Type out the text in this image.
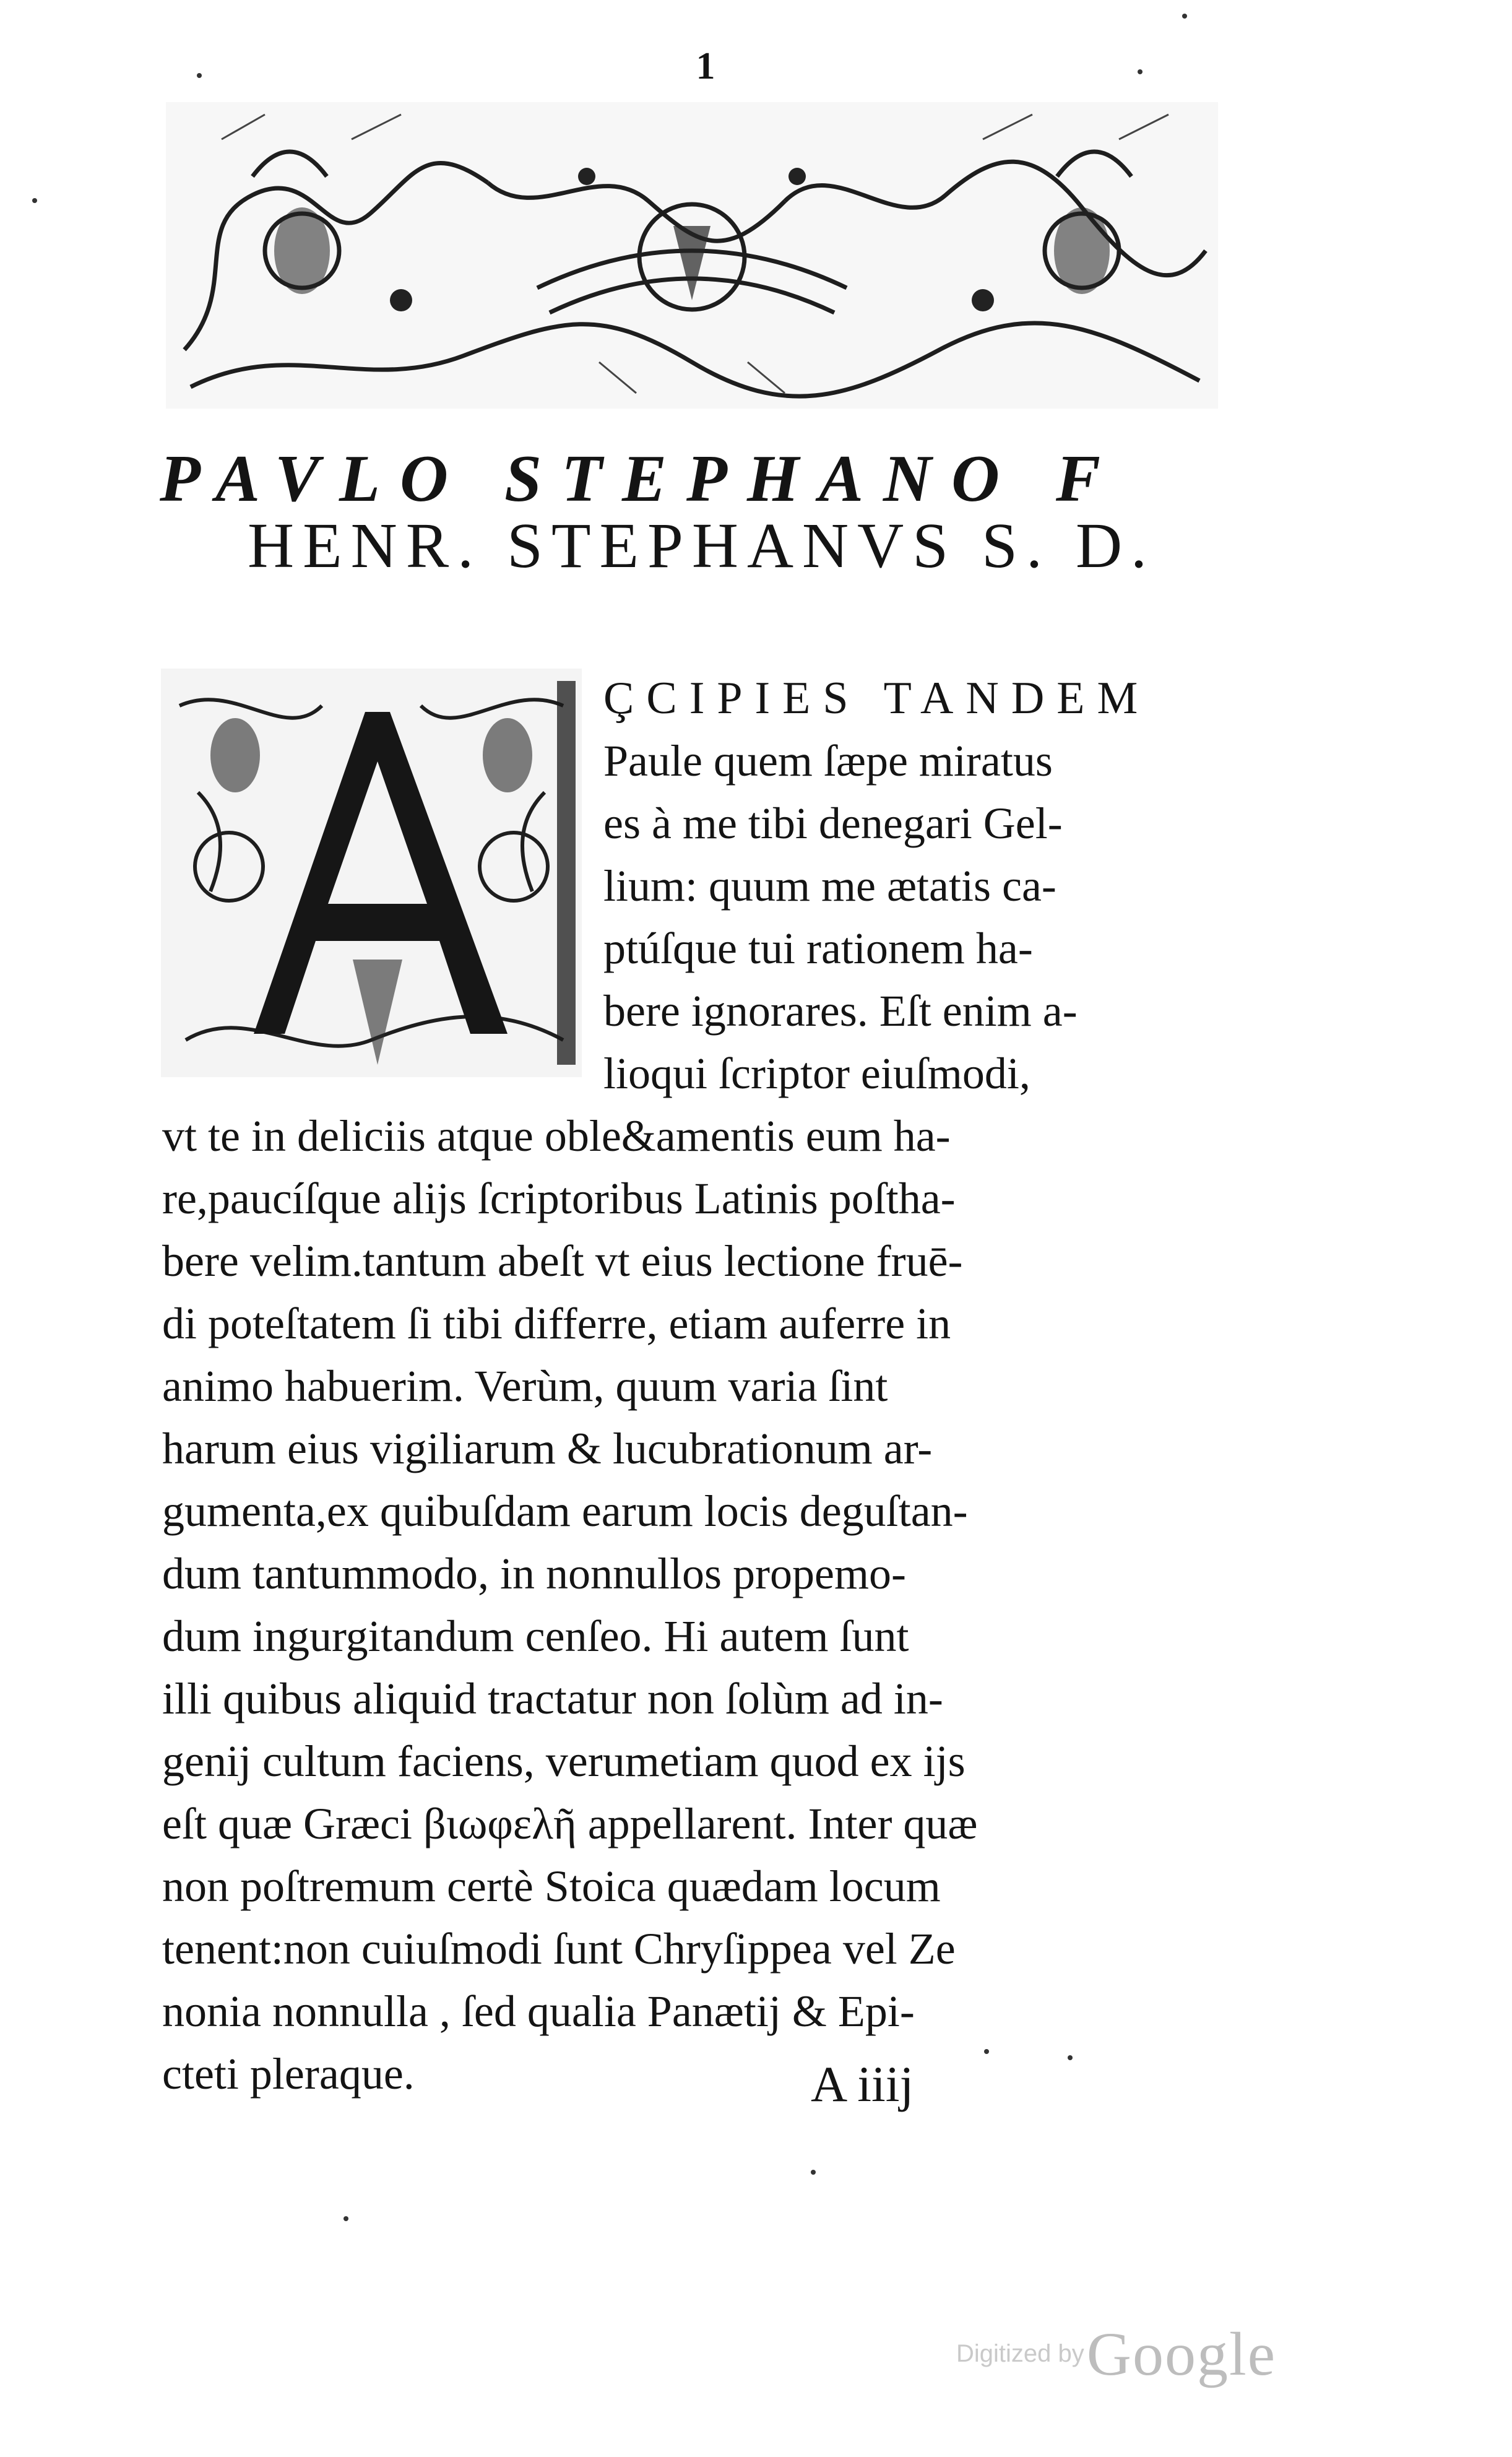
1
PAVLO STEPHANO F
HENR. STEPHANVS S. D.
ÇCIPIES TANDEM
Paule quem ſæpe miratus
es à me tibi denegari Gel-
lium: quum me ætatis ca-
ptúſque tui rationem ha-
bere ignorares. Eſt enim a-
lioqui ſcriptor eiuſmodi,
vt te in deliciis atque oble&amentis eum ha-
re,paucíſque alijs ſcriptoribus Latinis poſtha-
bere velim.tantum abeſt vt eius lectione fruē-
di poteſtatem ſi tibi differre, etiam auferre in
animo habuerim. Verùm, quum varia ſint
harum eius vigiliarum & lucubrationum ar-
gumenta,ex quibuſdam earum locis deguſtan-
dum tantummodo, in nonnullos propemo-
dum ingurgitandum cenſeo. Hi autem ſunt
illi quibus aliquid tractatur non ſolùm ad in-
genij cultum faciens, verumetiam quod ex ijs
eſt quæ Græci βιωφελῆ appellarent. Inter quæ
non poſtremum certè Stoica quædam locum
tenent:non cuiuſmodi ſunt Chryſippea vel Ze
nonia nonnulla , ſed qualia Panætij & Epi-
cteti pleraque.	A iiij
Digitized by Google
